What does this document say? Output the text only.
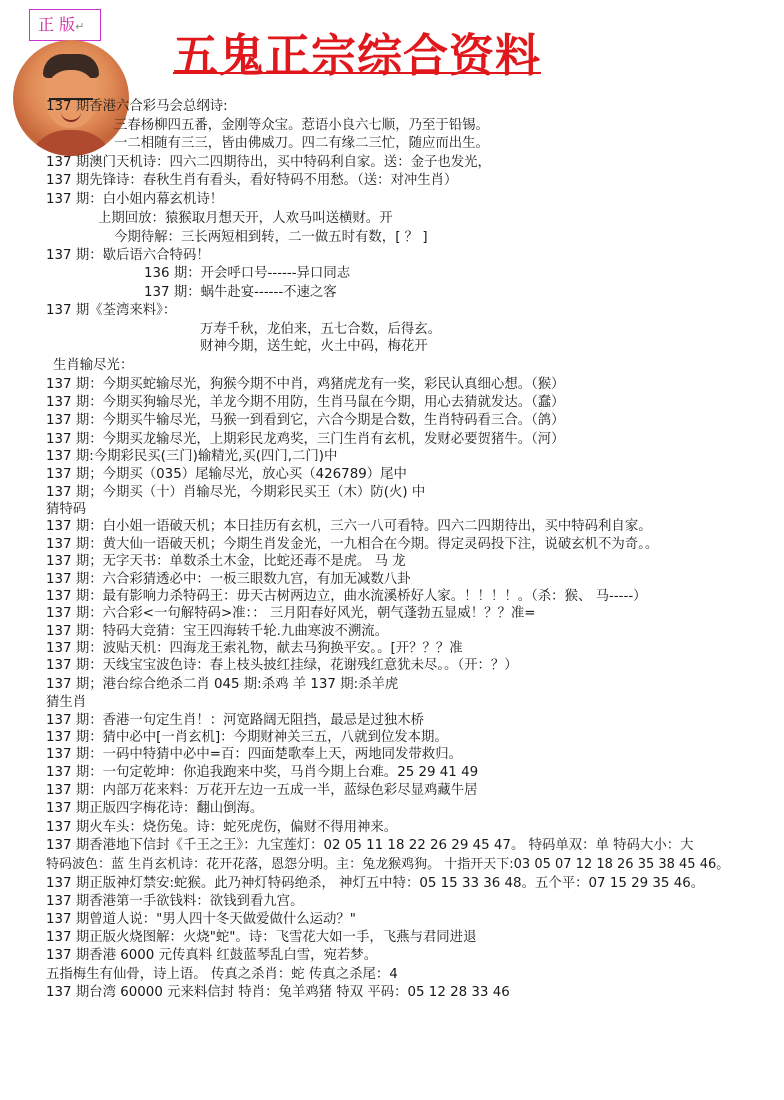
正 版↵
五鬼正宗综合资料
137 期香港六合彩马会总纲诗:
三春杨柳四五番，金刚等众宝。惹语小良六七顺，乃至于铅锡。
一二相随有三三，皆由佛威刀。四二有缘二三忙，随应而出生。
137 期澳门天机诗：四六二四期待出，买中特码利自家。送：金子也发光，
137 期先锋诗：春秋生肖有看头，看好特码不用愁。（送：对冲生肖）
137 期：白小姐内幕玄机诗！
上期回放：猿猴取月想天开，人欢马叫送横财。开
今期待解：三长两短相到转，二一做五时有数，[ ？ ]
137 期：歇后语六合特码！
136 期：开会呼口号------异口同志
137 期：蜗牛赴宴------不速之客
137 期《荃湾来料》：
万寿千秋，龙伯来，五七合数，后得玄。
财神今期，送生蛇，火土中码，梅花开
生肖输尽光：
137 期：今期买蛇输尽光，狗猴今期不中肖，鸡猪虎龙有一奖，彩民认真细心想。（猴）
137 期：今期买狗输尽光，羊龙今期不用防，生肖马鼠在今期，用心去猜就发达。（蠢）
137 期：今期买牛输尽光，马猴一到看到它，六合今期是合数，生肖特码看三合。（鸽）
137 期：今期买龙输尽光，上期彩民龙鸡奖，三门生肖有玄机，发财必要贺猪牛。（河）
137 期:今期彩民买(三门)输精光,买(四门,二门)中
137 期；今期买（035）尾输尽光，放心买（426789）尾中
137 期；今期买（十）肖输尽光，今期彩民买王（木）防(火) 中
猜特码
137 期：白小姐一语破天机；本日挂历有玄机，三六一八可看特。四六二四期待出，买中特码利自家。
137 期：黄大仙一语破天机；今期生肖发金光，一九相合在今期。得定灵码投下注，说破玄机不为奇。。
137 期；无字天书：单数杀土木金，比蛇还毒不是虎。 马 龙
137 期：六合彩猜透必中：一板三眼数九宫，有加无减数八卦
137 期：最有影响力杀特码王：毋天古树两边立，曲水流溪桥好人家。！！！！。（杀：猴、 马-----）
137 期：六合彩<一句解特码>准：： 三月阳春好风光，朝气蓬勃五显威！？？准=
137 期：特码大竞猜：宝王四海转千轮.九曲寒波不溯流。
137 期：波贴天机：四海龙王索礼物，献去马狗换平安。。[开？？？准
137 期：天线宝宝波色诗：春上枝头披红挂绿，花谢残红意犹未尽。。（开：？）
137 期；港台综合绝杀二肖 045 期:杀鸡 羊 137 期:杀羊虎
猜生肖
137 期：香港一句定生肖！：河宽路阔无阻挡，最忌是过独木桥
137 期：猜中必中[一肖玄机]：今期财神关三五，八就到位发本期。
137 期：一码中特猜中必中=百：四面楚歌奉上天，两地同发带救归。
137 期：一句定乾坤：你追我跑来中奖，马肖今期上台难。25 29 41 49
137 期：内部万花来料：万花开左边一五成一半，蓝绿色彩尽显鸡藏牛居
137 期正版四字梅花诗：翻山倒海。
137 期火车头：烧伤兔。诗：蛇死虎伤，偏财不得用神来。
137 期香港地下信封《千王之王》：九宝莲灯：02 05 11 18 22 26 29 45 47。 特码单双：单 特码大小：大
特码波色：蓝 生肖玄机诗：花开花落，恩怨分明。主：兔龙猴鸡狗。 十指开天下:03 05 07 12 18 26 35 38 45 46。
137 期正版神灯禁安:蛇猴。此乃神灯特码绝杀， 神灯五中特：05 15 33 36 48。五个平：07 15 29 35 46。
137 期香港第一手欲钱料：欲钱到看九宫。
137 期曾道人说："男人四十冬天做爱做什么运动？"
137 期正版火烧图解：火烧"蛇"。诗：飞雪花大如一手，飞燕与君同进退
137 期香港 6000 元传真料 红鼓蓝琴乱白雪，宛若梦。
五指梅生有仙骨，诗上语。 传真之杀肖：蛇 传真之杀尾：4
137 期台湾 60000 元来料信封 特肖：兔羊鸡猪 特双 平码：05 12 28 33 46
